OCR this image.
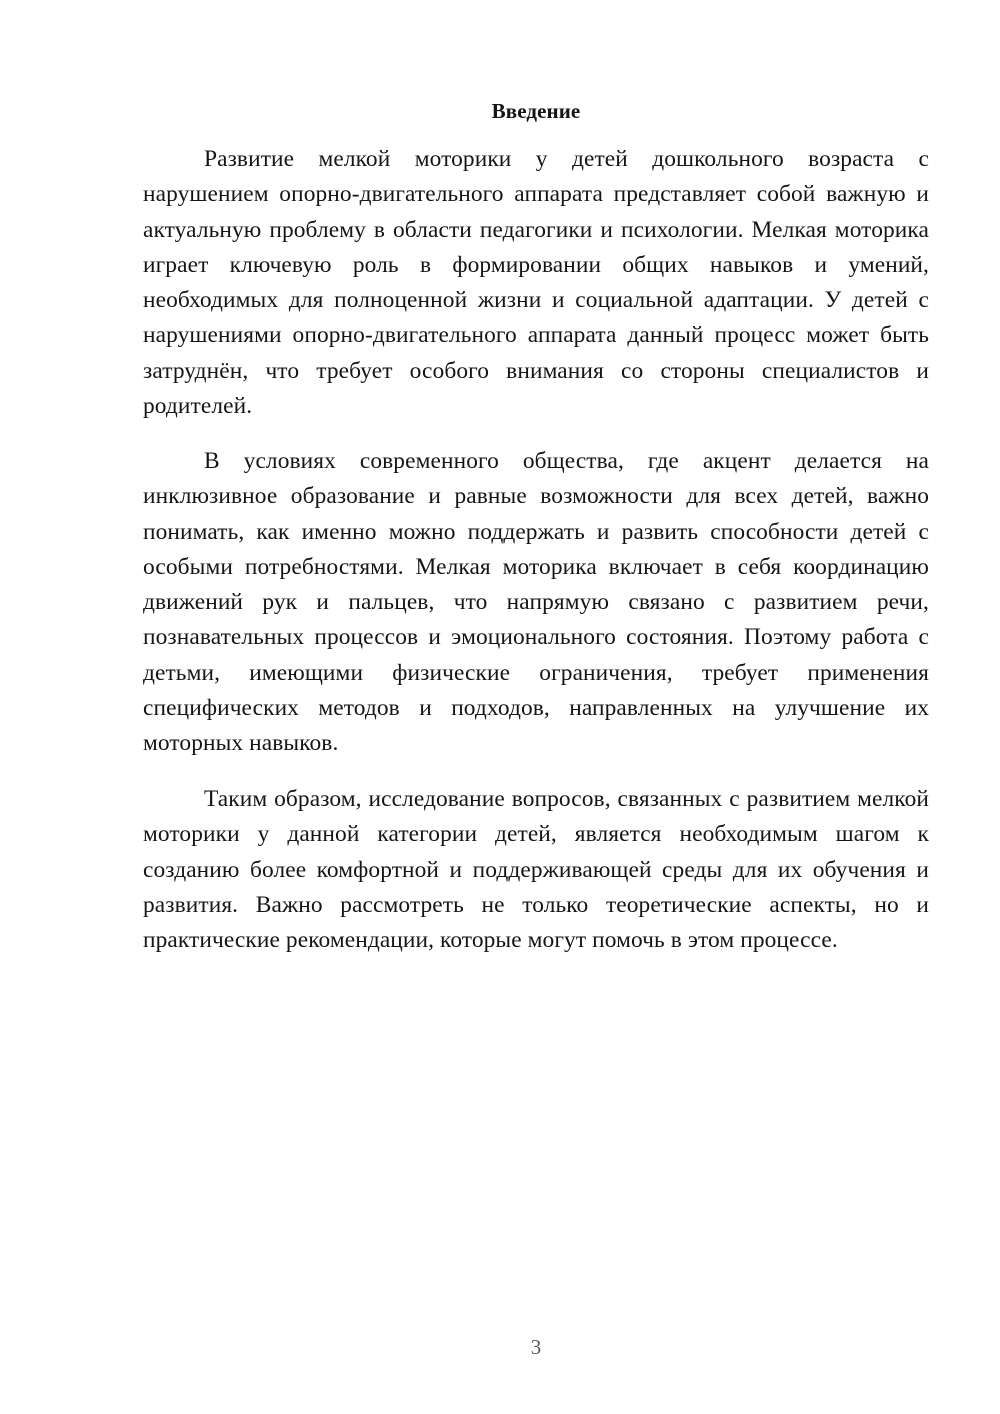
Введение

Развитие мелкой моторики у детей дошкольного возраста с нарушением опорно-двигательного аппарата представляет собой важную и актуальную проблему в области педагогики и психологии. Мелкая моторика играет ключевую роль в формировании общих навыков и умений, необходимых для полноценной жизни и социальной адаптации. У детей с нарушениями опорно-двигательного аппарата данный процесс может быть затруднён, что требует особого внимания со стороны специалистов и родителей.

В условиях современного общества, где акцент делается на инклюзивное образование и равные возможности для всех детей, важно понимать, как именно можно поддержать и развить способности детей с особыми потребностями. Мелкая моторика включает в себя координацию движений рук и пальцев, что напрямую связано с развитием речи, познавательных процессов и эмоционального состояния. Поэтому работа с детьми, имеющими физические ограничения, требует применения специфических методов и подходов, направленных на улучшение их моторных навыков.

Таким образом, исследование вопросов, связанных с развитием мелкой моторики у данной категории детей, является необходимым шагом к созданию более комфортной и поддерживающей среды для их обучения и развития. Важно рассмотреть не только теоретические аспекты, но и практические рекомендации, которые могут помочь в этом процессе.

3
